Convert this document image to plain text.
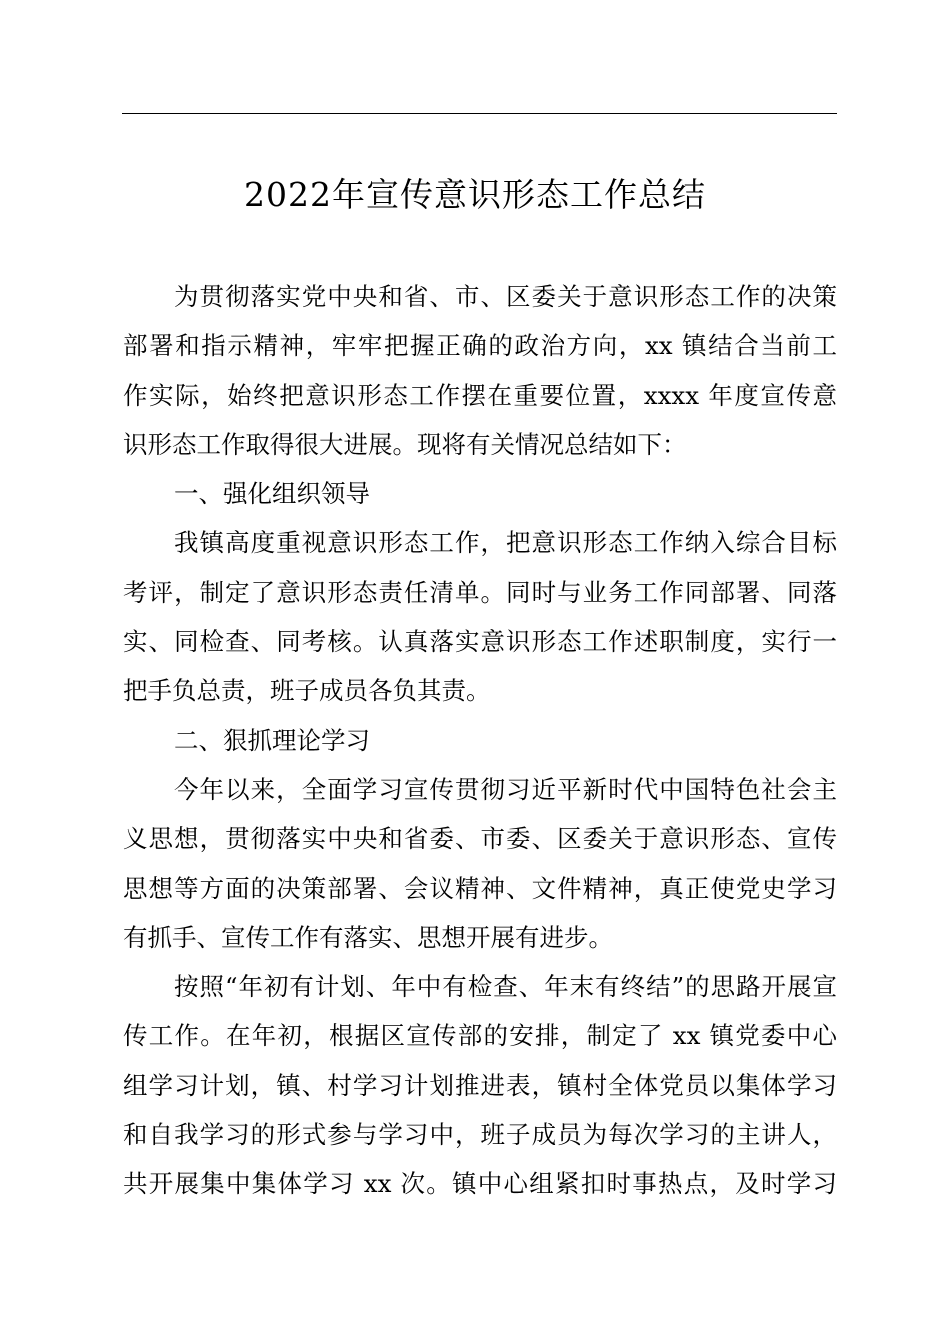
2022年宣传意识形态工作总结
为贯彻落实党中央和省、市、区委关于意识形态工作的决策
部署和指示精神，牢牢把握正确的政治方向，xx 镇结合当前工
作实际，始终把意识形态工作摆在重要位置，xxxx 年度宣传意
识形态工作取得很大进展。现将有关情况总结如下：
一、强化组织领导
我镇高度重视意识形态工作，把意识形态工作纳入综合目标
考评，制定了意识形态责任清单。同时与业务工作同部署、同落
实、同检查、同考核。认真落实意识形态工作述职制度，实行一
把手负总责，班子成员各负其责。
二、狠抓理论学习
今年以来，全面学习宣传贯彻习近平新时代中国特色社会主
义思想，贯彻落实中央和省委、市委、区委关于意识形态、宣传
思想等方面的决策部署、会议精神、文件精神，真正使党史学习
有抓手、宣传工作有落实、思想开展有进步。
按照“年初有计划、年中有检查、年末有终结”的思路开展宣
传工作。在年初，根据区宣传部的安排，制定了 xx 镇党委中心
组学习计划，镇、村学习计划推进表，镇村全体党员以集体学习
和自我学习的形式参与学习中，班子成员为每次学习的主讲人，
共开展集中集体学习 xx 次。镇中心组紧扣时事热点，及时学习
